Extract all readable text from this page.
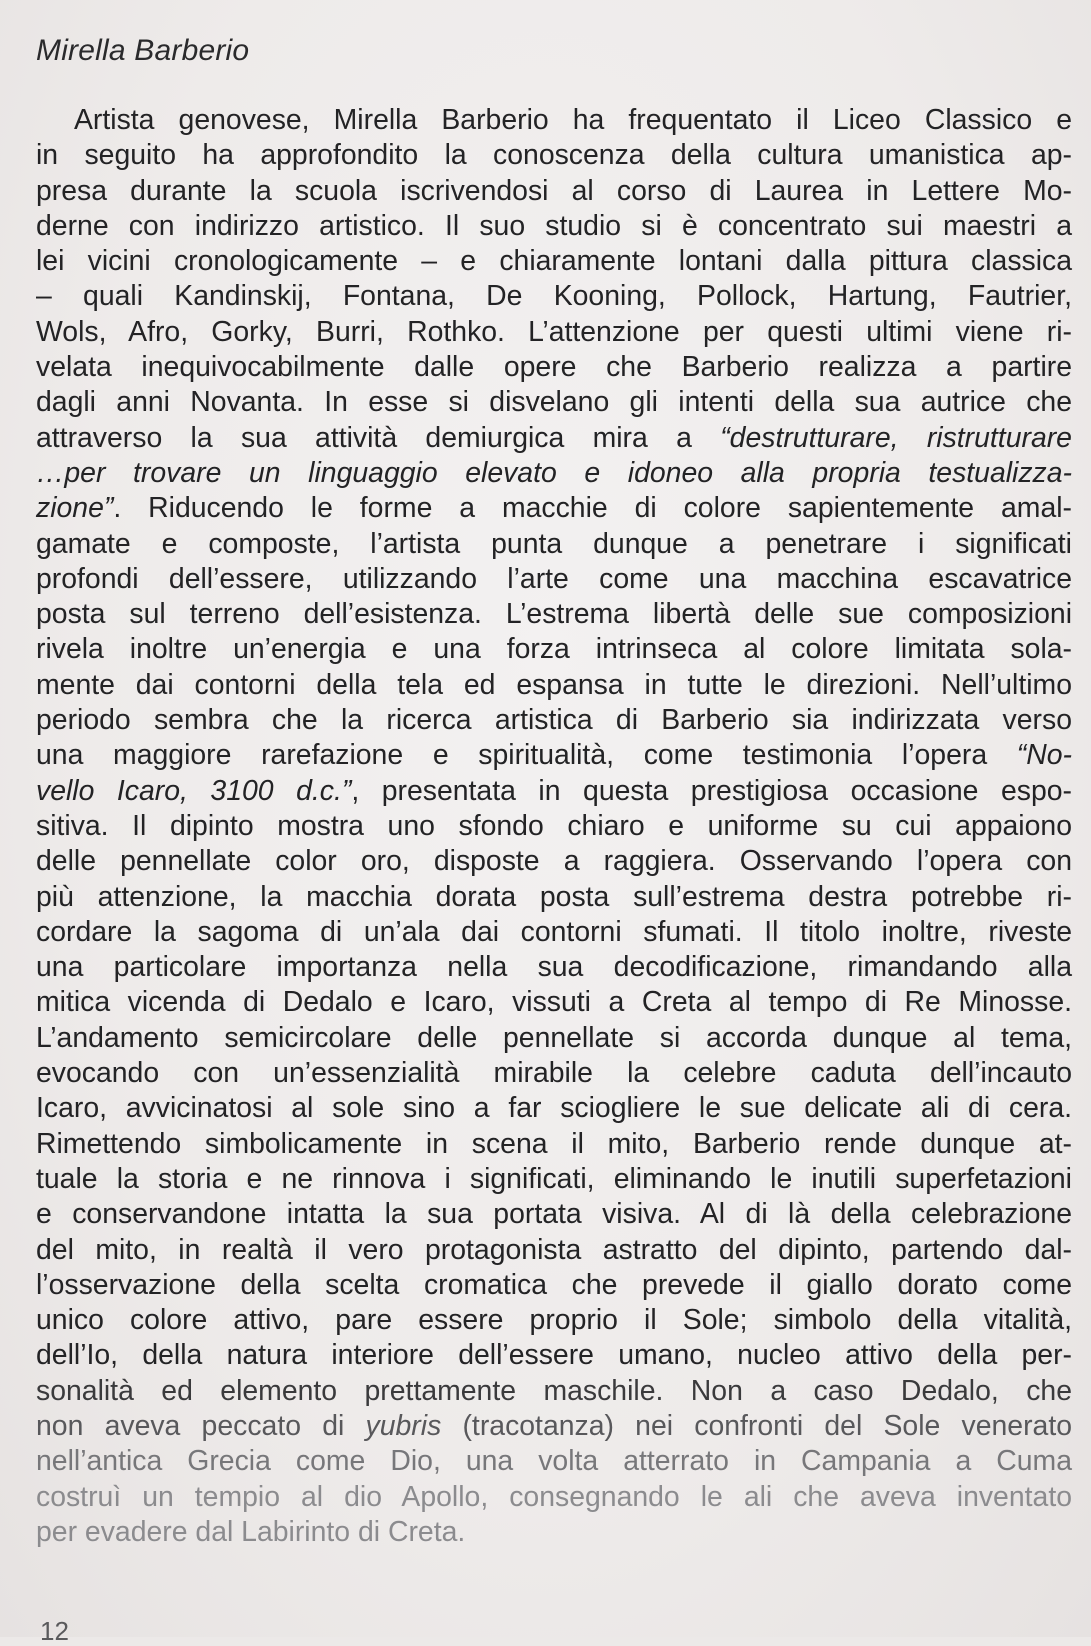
Mirella Barberio
Artista genovese, Mirella Barberio ha frequentato il Liceo Classico e
in seguito ha approfondito la conoscenza della cultura umanistica ap-
presa durante la scuola iscrivendosi al corso di Laurea in Lettere Mo-
derne con indirizzo artistico. Il suo studio si è concentrato sui maestri a
lei vicini cronologicamente – e chiaramente lontani dalla pittura classica
– quali Kandinskij, Fontana, De Kooning, Pollock, Hartung, Fautrier,
Wols, Afro, Gorky, Burri, Rothko. L’attenzione per questi ultimi viene ri-
velata inequivocabilmente dalle opere che Barberio realizza a partire
dagli anni Novanta. In esse si disvelano gli intenti della sua autrice che
attraverso la sua attività demiurgica mira a “destrutturare, ristrutturare
…per trovare un linguaggio elevato e idoneo alla propria testualizza-
zione”. Riducendo le forme a macchie di colore sapientemente amal-
gamate e composte, l’artista punta dunque a penetrare i significati
profondi dell’essere, utilizzando l’arte come una macchina escavatrice
posta sul terreno dell’esistenza. L’estrema libertà delle sue composizioni
rivela inoltre un’energia e una forza intrinseca al colore limitata sola-
mente dai contorni della tela ed espansa in tutte le direzioni. Nell’ultimo
periodo sembra che la ricerca artistica di Barberio sia indirizzata verso
una maggiore rarefazione e spiritualità, come testimonia l’opera “No-
vello Icaro, 3100 d.c.”, presentata in questa prestigiosa occasione espo-
sitiva. Il dipinto mostra uno sfondo chiaro e uniforme su cui appaiono
delle pennellate color oro, disposte a raggiera. Osservando l’opera con
più attenzione, la macchia dorata posta sull’estrema destra potrebbe ri-
cordare la sagoma di un’ala dai contorni sfumati. Il titolo inoltre, riveste
una particolare importanza nella sua decodificazione, rimandando alla
mitica vicenda di Dedalo e Icaro, vissuti a Creta al tempo di Re Minosse.
L’andamento semicircolare delle pennellate si accorda dunque al tema,
evocando con un’essenzialità mirabile la celebre caduta dell’incauto
Icaro, avvicinatosi al sole sino a far sciogliere le sue delicate ali di cera.
Rimettendo simbolicamente in scena il mito, Barberio rende dunque at-
tuale la storia e ne rinnova i significati, eliminando le inutili superfetazioni
e conservandone intatta la sua portata visiva. Al di là della celebrazione
del mito, in realtà il vero protagonista astratto del dipinto, partendo dal-
l’osservazione della scelta cromatica che prevede il giallo dorato come
unico colore attivo, pare essere proprio il Sole; simbolo della vitalità,
dell’Io, della natura interiore dell’essere umano, nucleo attivo della per-
sonalità ed elemento prettamente maschile. Non a caso Dedalo, che
non aveva peccato di yubris (tracotanza) nei confronti del Sole venerato
nell’antica Grecia come Dio, una volta atterrato in Campania a Cuma
costruì un tempio al dio Apollo, consegnando le ali che aveva inventato
per evadere dal Labirinto di Creta.
12
